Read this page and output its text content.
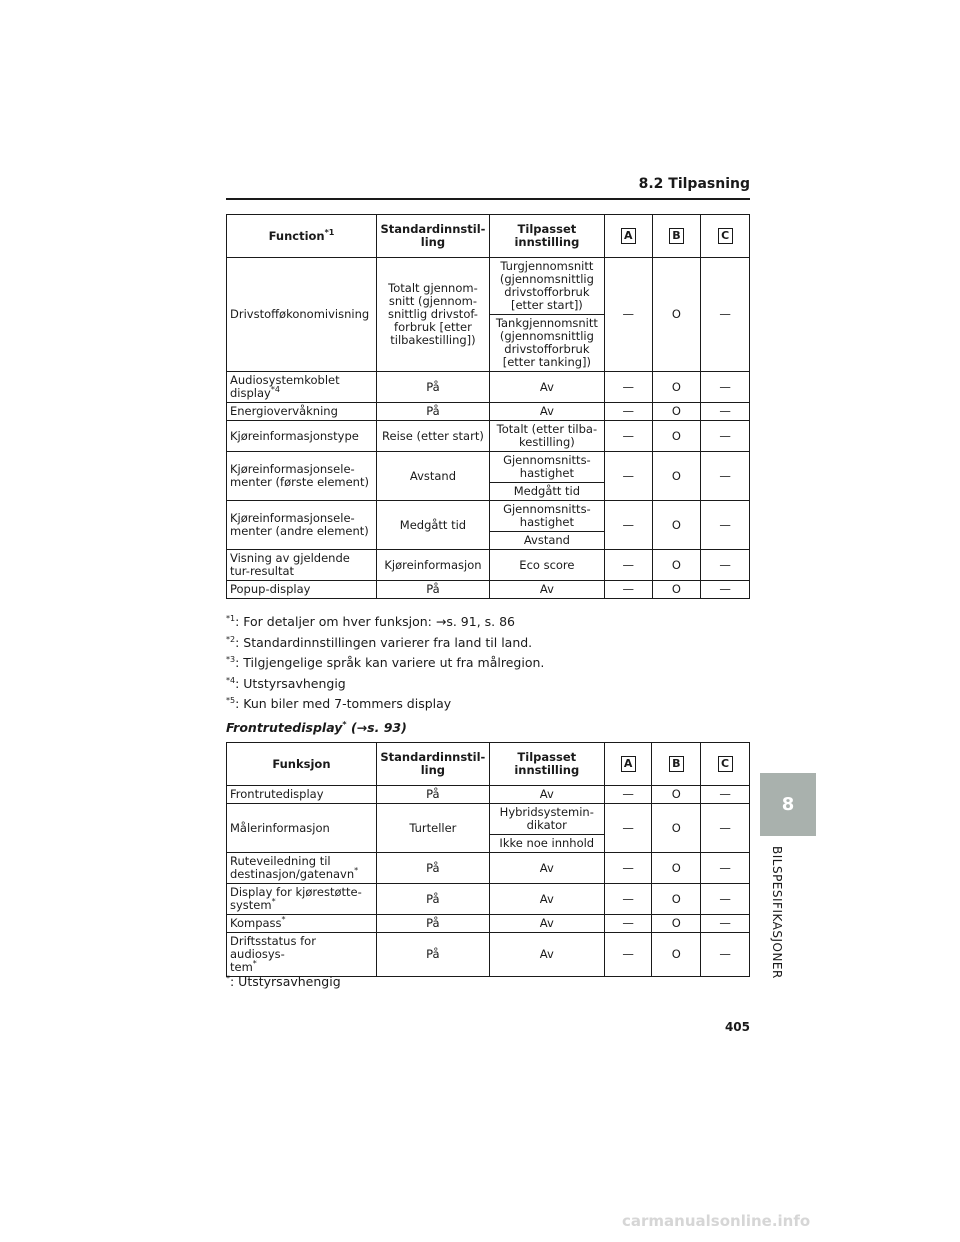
8.2 Tilpasning
Function$^{*1}$	Standardinnstil-
ling	Tilpasset
innstilling	A	B	C
Drivstofføkonomivisning	Totalt gjennom-
snitt (gjennom-
snittlig drivstof-
forbruk [etter
tilbakestilling])	Turgjennomsnitt
(gjennomsnittlig
drivstofforbruk
[etter start])	—	O	—
		Tankgjennomsnitt
(gjennomsnittlig
drivstofforbruk
[etter tanking])			
Audiosystemkoblet
display$^{*4}$	På	Av	—	O	—
Energiovervåkning	På	Av	—	O	—
Kjøreinformasjonstype	Reise (etter start)	Totalt (etter tilba-
kestilling)	—	O	—
Kjøreinformasjonsele-
menter (første element)	Avstand	Gjennomsnitts-
hastighet	—	O	—
		Medgått tid			
Kjøreinformasjonsele-
menter (andre element)	Medgått tid	Gjennomsnitts-
hastighet	—	O	—
		Avstand			
Visning av gjeldende
tur-resultat	Kjøreinformasjon	Eco score	—	O	—
Popup-display	På	Av	—	O	—
$^{*1}$: For detaljer om hver funksjon: →s. 91, s. 86
$^{*2}$: Standardinnstillingen varierer fra land til land.
$^{*3}$: Tilgjengelige språk kan variere ut fra målregion.
$^{*4}$: Utstyrsavhengig
$^{*5}$: Kun biler med 7-tommers display
Frontrutedisplay* (→s. 93)
Funksjon	Standardinnstil-
ling	Tilpasset
innstilling	A	B	C
Frontrutedisplay	På	Av	—	O	—
Målerinformasjon	Turteller	Hybridsystemin-
dikator	—	O	—
		Ikke noe innhold			
Ruteveiledning til
destinasjon/gatenavn*	På	Av	—	O	—
Display for kjørestøtte-
system*	På	Av	—	O	—
Kompass*	På	Av	—	O	—
Driftsstatus for audiosys-
tem*	På	Av	—	O	—
*: Utstyrsavhengig
8
BILSPESIFIKASJONER
405
carmanualsonline.info
